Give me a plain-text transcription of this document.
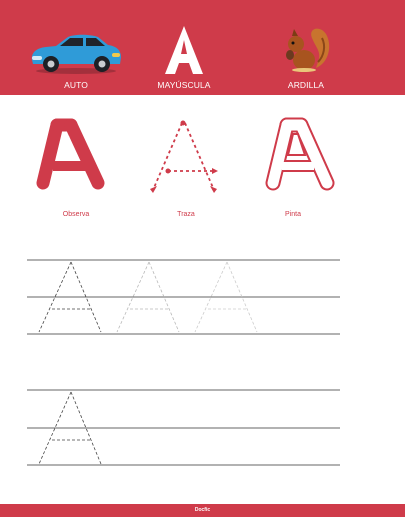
AUTO	MAYÚSCULA	ARDILLA
Observa	Traza	Pinta
Docfic
